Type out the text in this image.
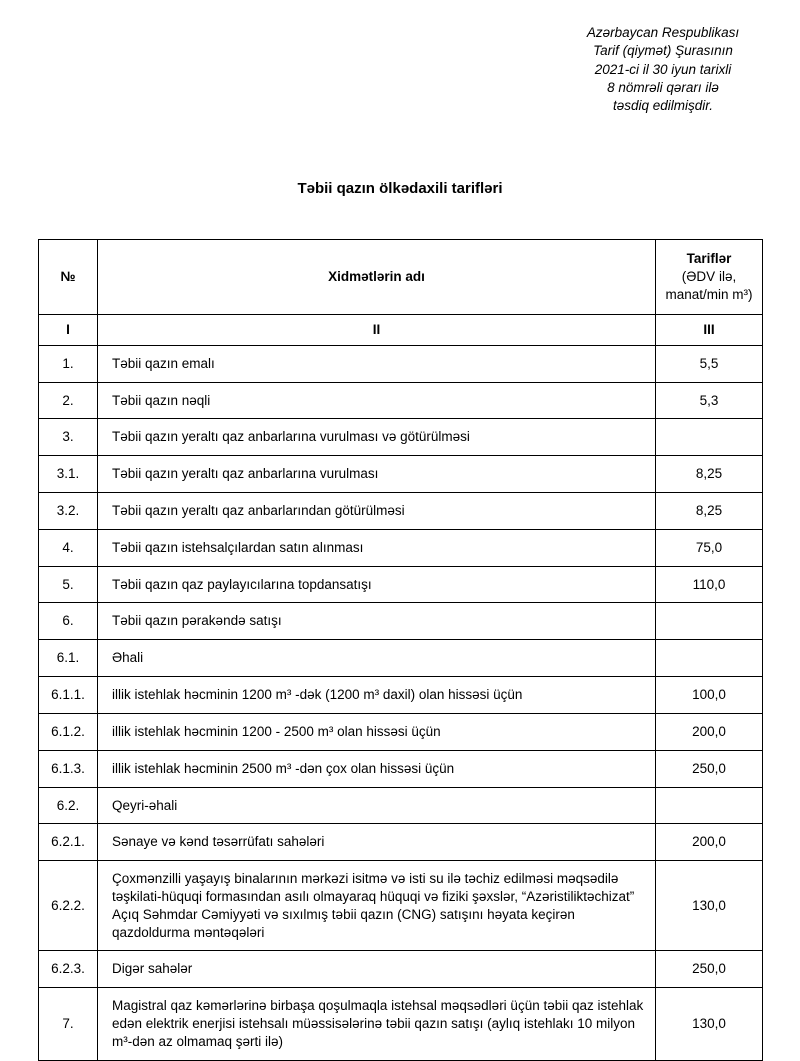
Azərbaycan Respublikası
Tarif (qiymət) Şurasının
2021-ci il 30 iyun tarixli
8 nömrəli qərarı ilə
təsdiq edilmişdir.
Təbii qazın ölkədaxili tarifləri
№	Xidmətlərin adı	Tariflər
(ƏDV ilə, manat/min m³)

I	II	III
1.	Təbii qazın emalı	5,5
2.	Təbii qazın nəqli	5,3
3.	Təbii qazın yeraltı qaz anbarlarına vurulması və götürülməsi	
3.1.	Təbii qazın yeraltı qaz anbarlarına vurulması	8,25
3.2.	Təbii qazın yeraltı qaz anbarlarından götürülməsi	8,25
4.	Təbii qazın istehsalçılardan satın alınması	75,0
5.	Təbii qazın qaz paylayıcılarına topdansatışı	110,0
6.	Təbii qazın pərakəndə satışı	
6.1.	Əhali	
6.1.1.	illik istehlak həcminin 1200 m³ -dək (1200 m³ daxil) olan hissəsi üçün	100,0
6.1.2.	illik istehlak həcminin 1200 - 2500 m³ olan hissəsi üçün	200,0
6.1.3.	illik istehlak həcminin 2500 m³ -dən çox olan hissəsi üçün	250,0
6.2.	Qeyri-əhali	
6.2.1.	Sənaye və kənd təsərrüfatı sahələri	200,0
6.2.2.	Çoxmənzilli yaşayış binalarının mərkəzi isitmə və isti su ilə təchiz edilməsi məqsədilə təşkilati-hüquqi formasından asılı olmayaraq hüquqi və fiziki şəxslər, “Azəristiliktəchizat” Açıq Səhmdar Cəmiyyəti və sıxılmış təbii qazın (CNG) satışını həyata keçirən qazdoldurma məntəqələri	130,0
6.2.3.	Digər sahələr	250,0
7.	Magistral qaz kəmərlərinə birbaşa qoşulmaqla istehsal məqsədləri üçün təbii qaz istehlak edən elektrik enerjisi istehsalı müəssisələrinə təbii qazın satışı (aylıq istehlakı 10 milyon m³-dən az olmamaq şərti ilə)	130,0
